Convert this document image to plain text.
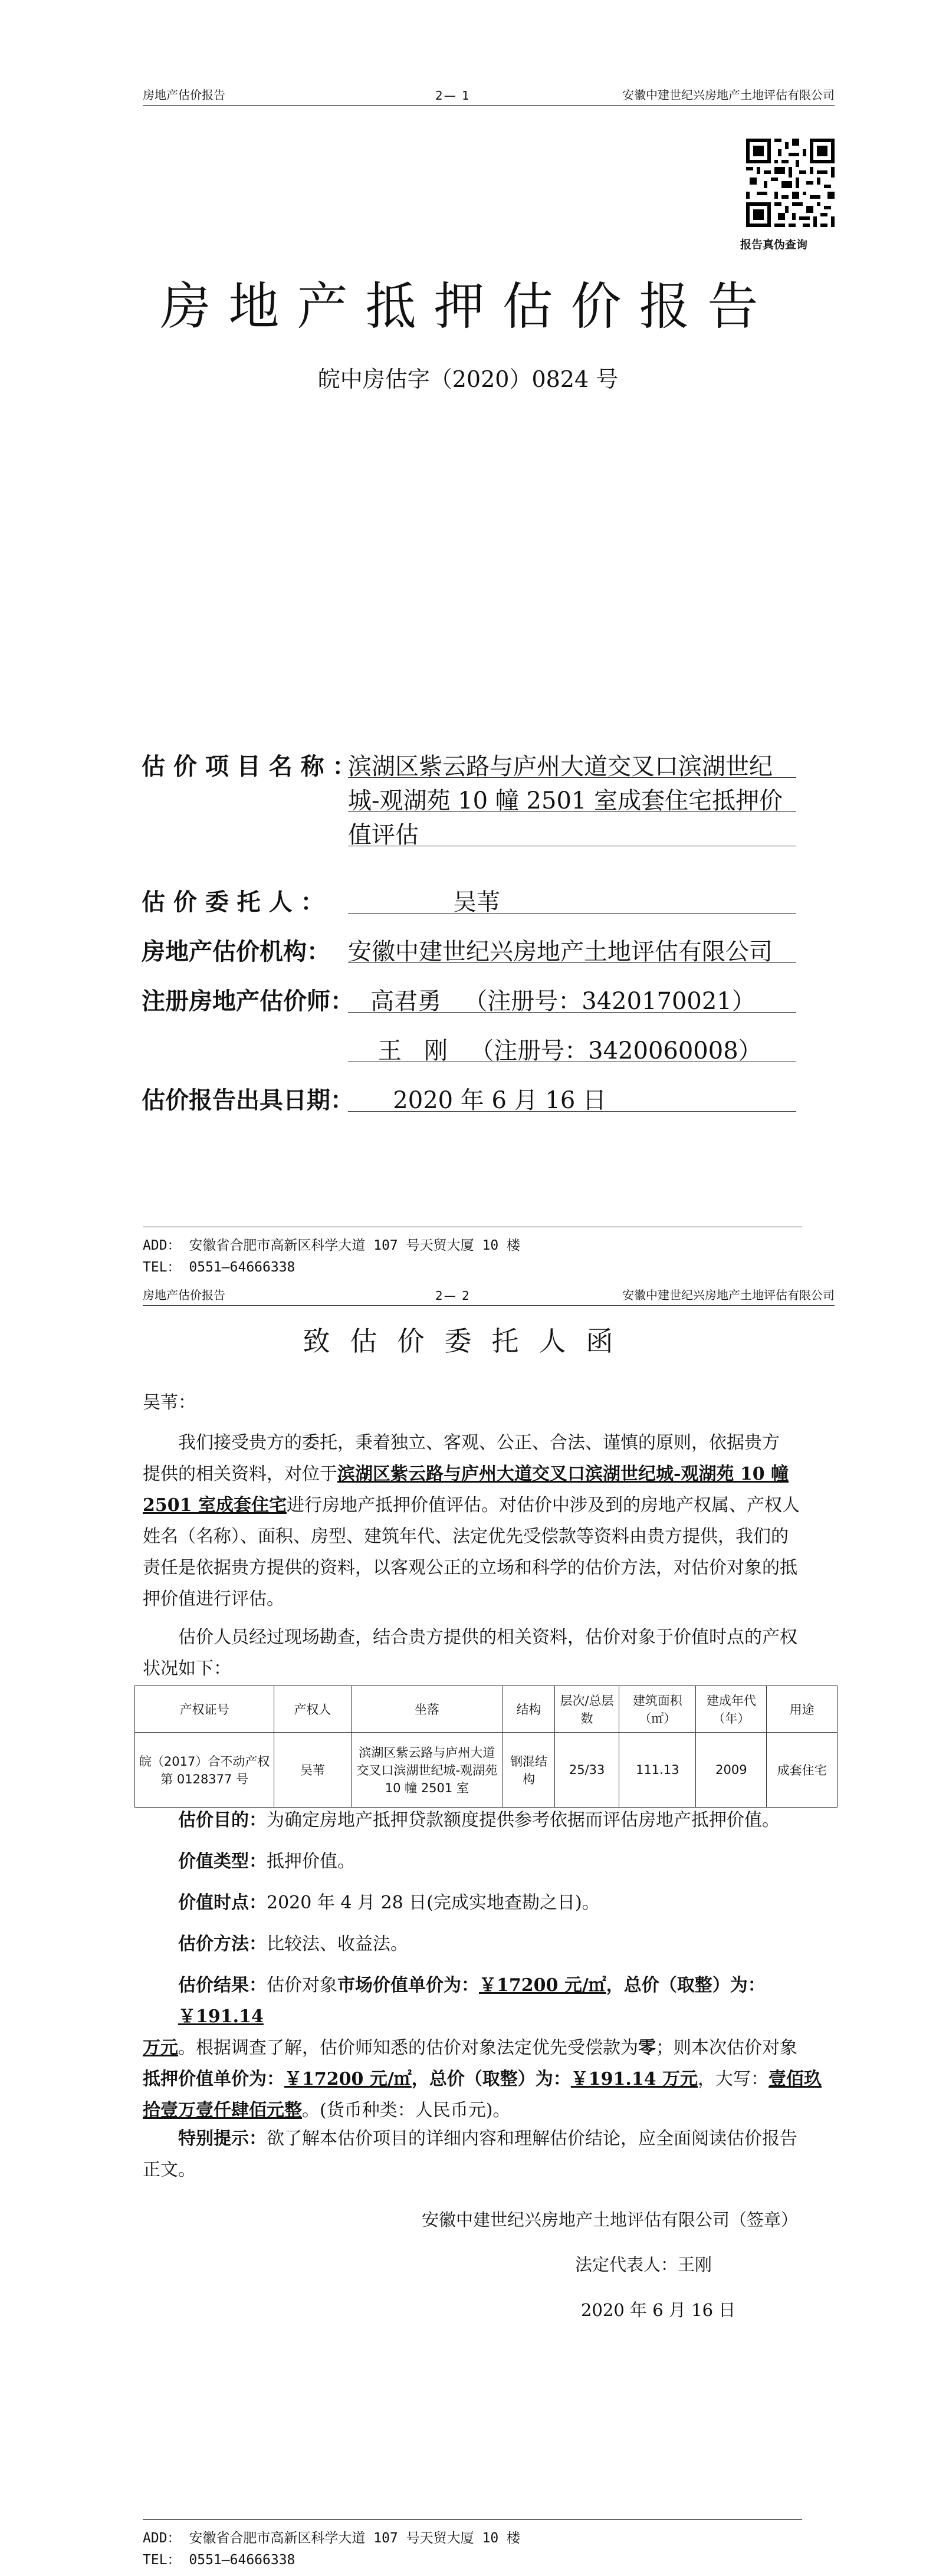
房地产估价报告	2— 1	安徽中建世纪兴房地产土地评估有限公司
报告真伪查询
房地产抵押估价报告
皖中房估字（2020）0824 号
估 价 项 目 名 称 ：
滨湖区紫云路与庐州大道交叉口滨湖世纪
城-观湖苑 10 幢 2501 室成套住宅抵押价
值评估
估 价 委 托 人 ： 吴苇
房地产估价机构： 安徽中建世纪兴房地产土地评估有限公司
注册房地产估价师：
高君勇   （注册号：3420170021）
王   刚   （注册号：3420060008）
估价报告出具日期：
2020 年 6 月 16 日
ADD： 安徽省合肥市高新区科学大道 107 号天贸大厦 10 楼
TEL： 0551—64666338
房地产估价报告	2— 2	安徽中建世纪兴房地产土地评估有限公司
致估价委托人函
吴苇：
我们接受贵方的委托，秉着独立、客观、公正、合法、谨慎的原则，依据贵方
提供的相关资料，对位于滨湖区紫云路与庐州大道交叉口滨湖世纪城-观湖苑 10 幢
2501 室成套住宅进行房地产抵押价值评估。对估价中涉及到的房地产权属、产权人
姓名（名称）、面积、房型、建筑年代、法定优先受偿款等资料由贵方提供，我们的
责任是依据贵方提供的资料，以客观公正的立场和科学的估价方法，对估价对象的抵
押价值进行评估。
估价人员经过现场勘查，结合贵方提供的相关资料，估价对象于价值时点的产权
状况如下：
产权证号	产权人	坐落	结构	层次/总层数	建筑面积（㎡）	建成年代（年）	用途
皖（2017）合不动产权第 0128377 号	吴苇	滨湖区紫云路与庐州大道交叉口滨湖世纪城-观湖苑 10 幢 2501 室	钢混结构	25/33	111.13	2009	成套住宅
估价目的：为确定房地产抵押贷款额度提供参考依据而评估房地产抵押价值。
价值类型：抵押价值。
价值时点：2020 年 4 月 28 日(完成实地查勘之日)。
估价方法：比较法、收益法。
估价结果：估价对象市场价值单价为：￥17200 元/㎡，总价（取整）为：￥191.14
万元。根据调查了解，估价师知悉的估价对象法定优先受偿款为零；则本次估价对象
抵押价值单价为：￥17200 元/㎡，总价（取整）为：￥191.14 万元，大写：壹佰玖
拾壹万壹仟肆佰元整。(货币种类：人民币元)。
特别提示：欲了解本估价项目的详细内容和理解估价结论，应全面阅读估价报告
正文。
安徽中建世纪兴房地产土地评估有限公司（签章）
法定代表人：王刚
2020 年 6 月 16 日
ADD： 安徽省合肥市高新区科学大道 107 号天贸大厦 10 楼
TEL： 0551—64666338
